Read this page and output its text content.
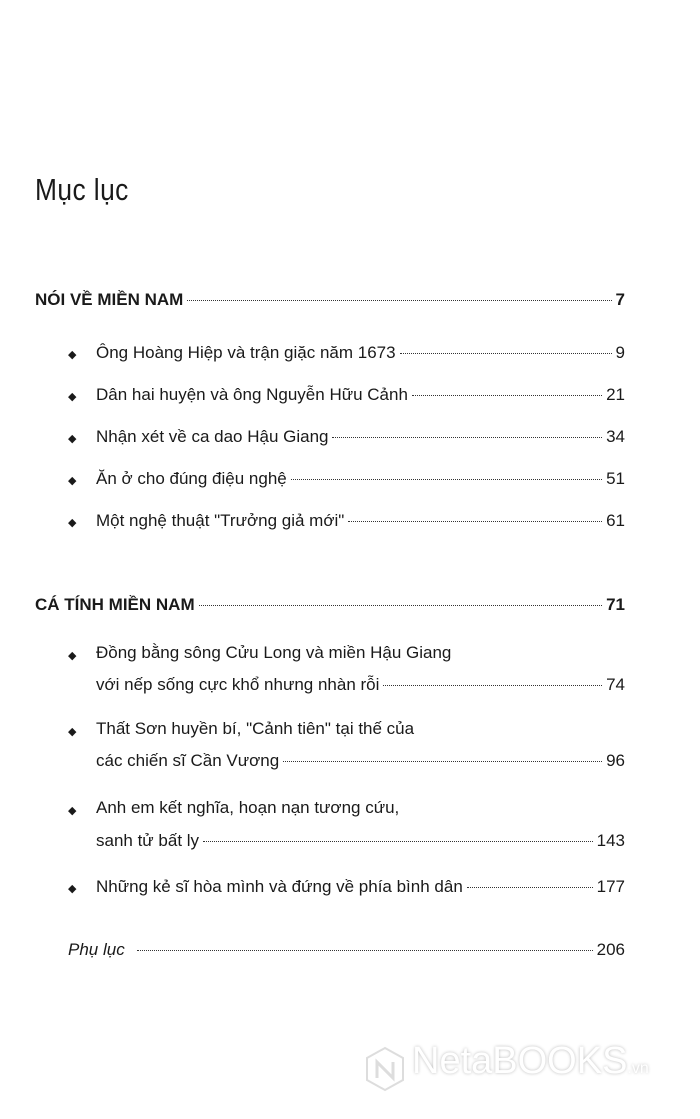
Mục lục
NÓI VỀ MIỀN NAM	7
◆ Ông Hoàng Hiệp và trận giặc năm 1673	9
◆ Dân hai huyện và ông Nguyễn Hữu Cảnh	21
◆ Nhận xét về ca dao Hậu Giang	34
◆ Ăn ở cho đúng điệu nghệ	51
◆ Một nghệ thuật "Trưởng giả mới"	61
CÁ TÍNH MIỀN NAM	71
◆ Đồng bằng sông Cửu Long và miền Hậu Giang
với nếp sống cực khổ nhưng nhàn rỗi	74
◆ Thất Sơn huyền bí, "Cảnh tiên" tại thế của
các chiến sĩ Cần Vương	96
◆ Anh em kết nghĩa, hoạn nạn tương cứu,
sanh tử bất ly	143
◆ Những kẻ sĩ hòa mình và đứng về phía bình dân	177
Phụ lục	206
NetaBOOKS.vn
